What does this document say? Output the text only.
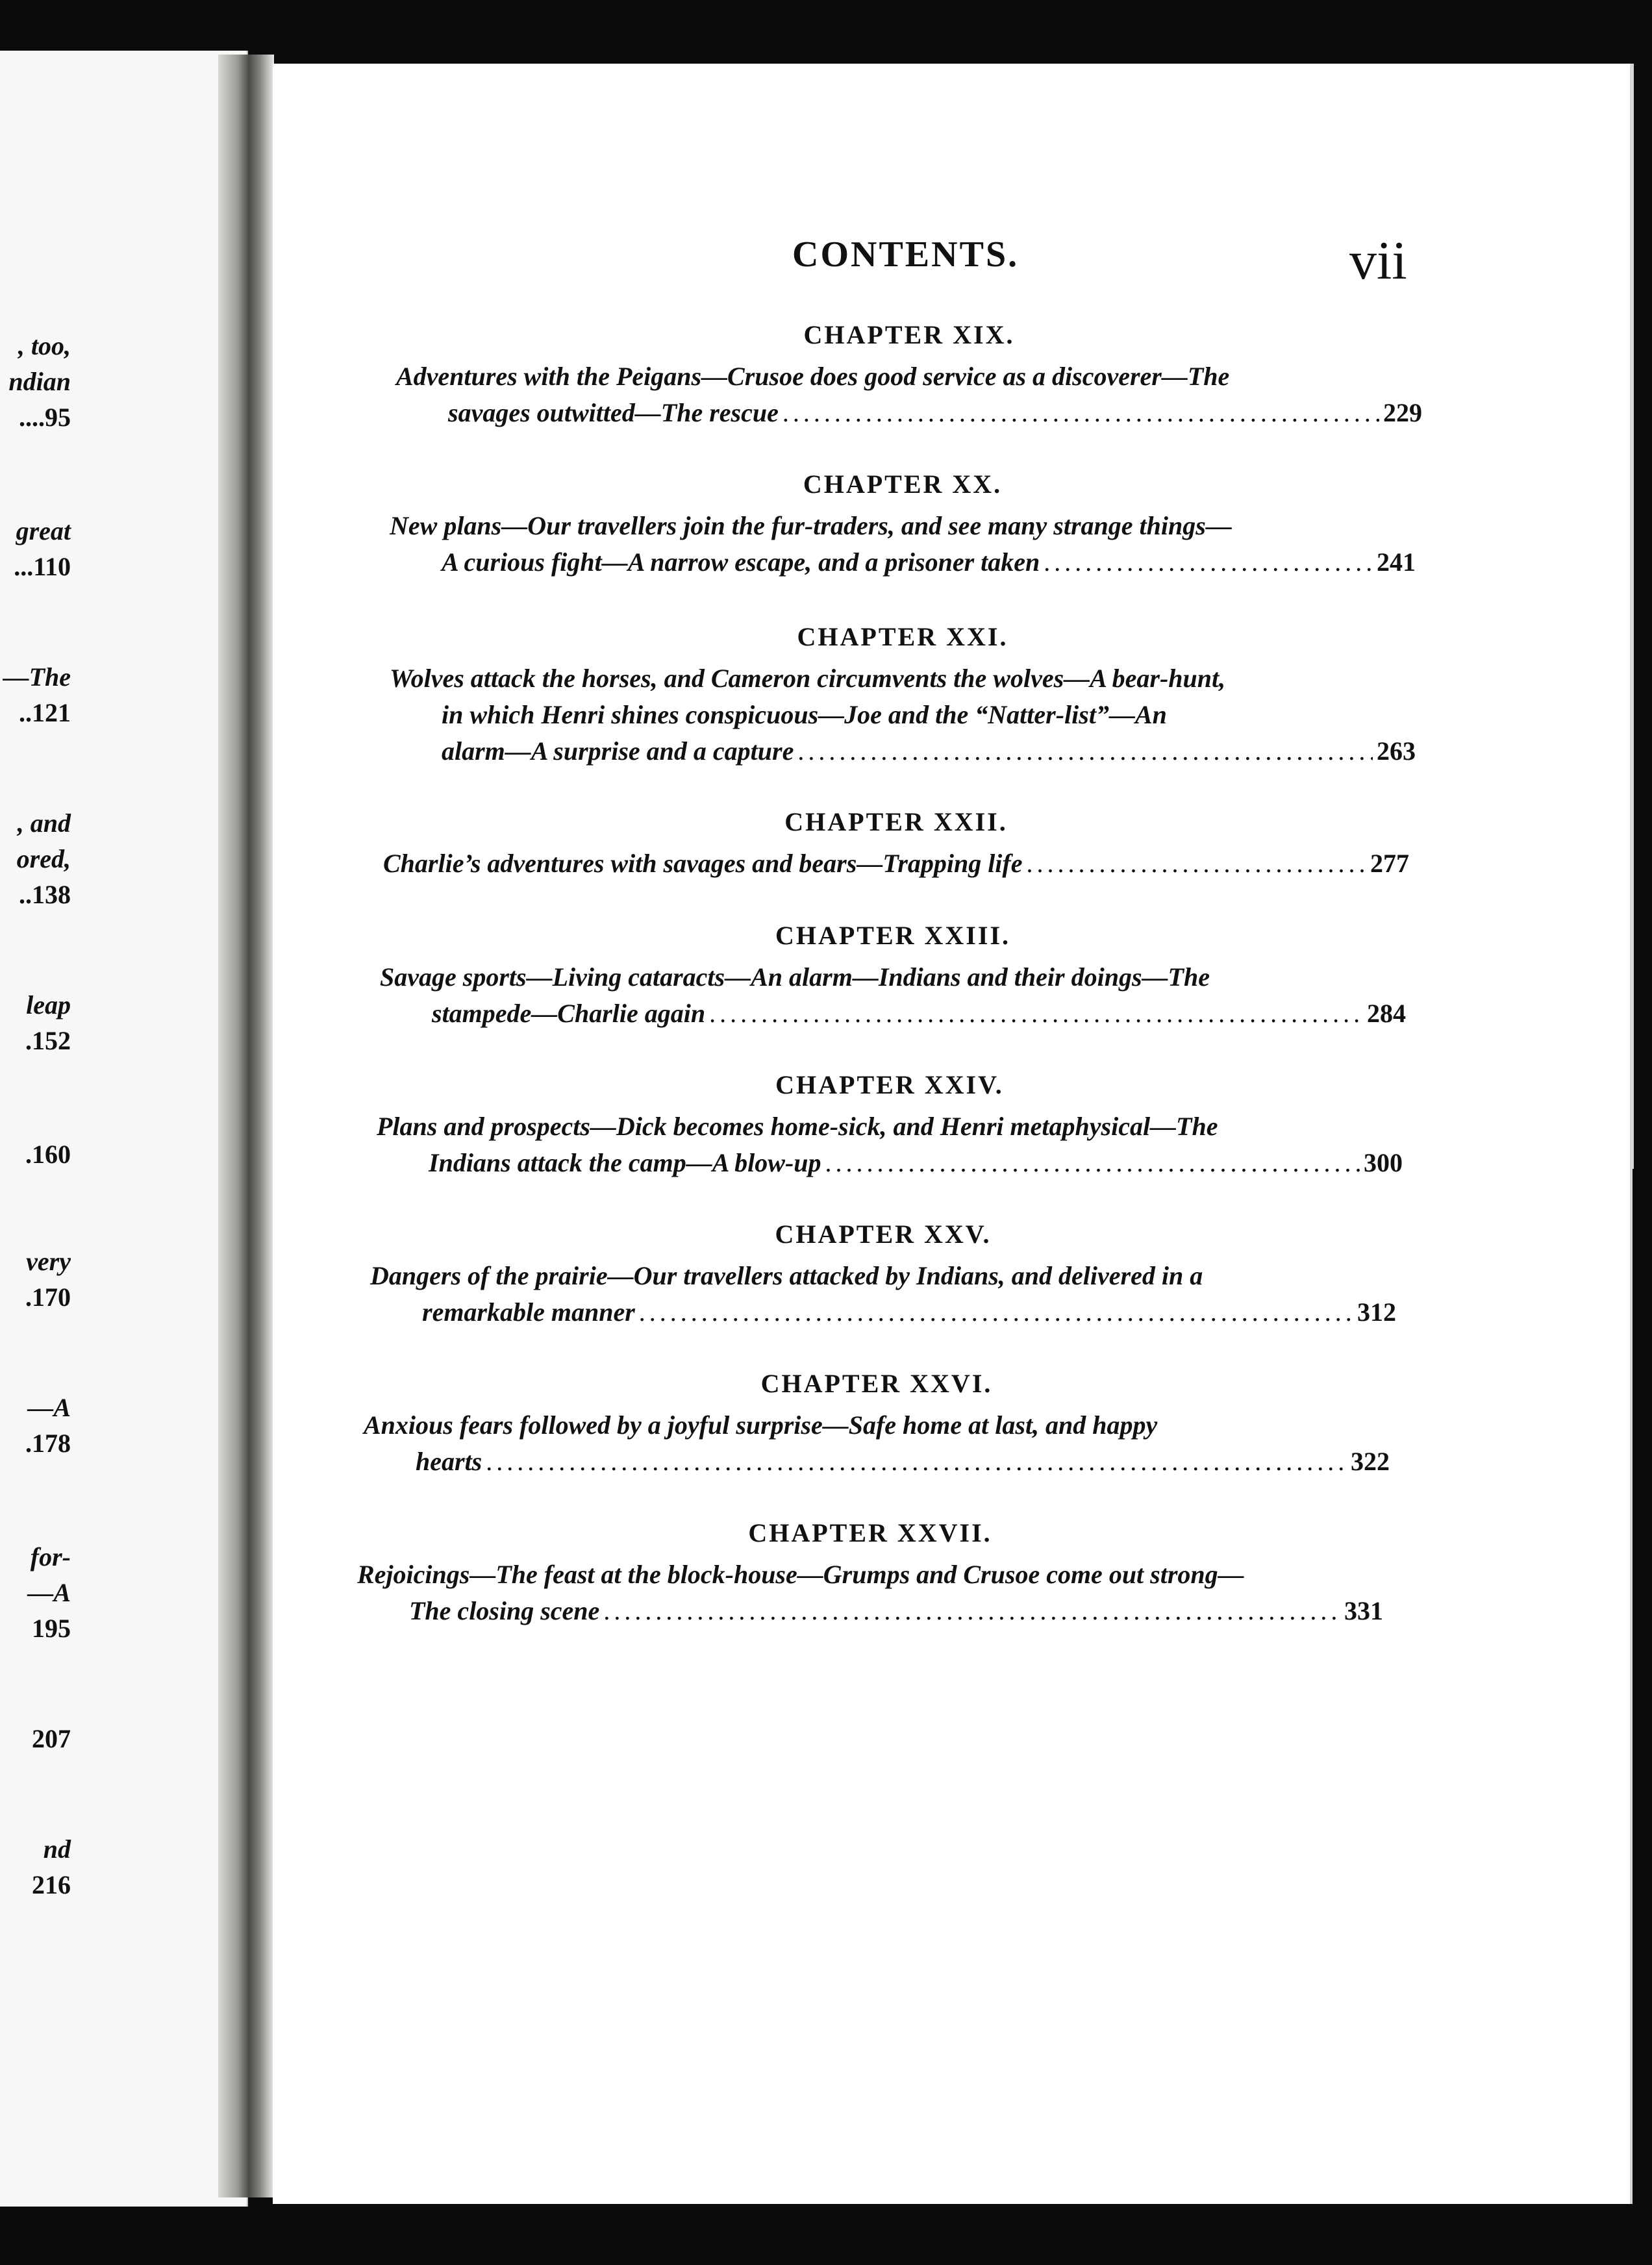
, too,
ndian
....95
great
...110
—The
..121
, and
ored,
..138
leap
.152
.160
very
.170
—A
.178
for-
—A
195
207
nd
216
CONTENTS.	vii
CHAPTER XIX.
Adventures with the Peigans—Crusoe does good service as a discoverer—The
savages outwitted—The rescue .....	229
CHAPTER XX.
New plans—Our travellers join the fur-traders, and see many strange things—
A curious fight—A narrow escape, and a prisoner taken .....	241
CHAPTER XXI.
Wolves attack the horses, and Cameron circumvents the wolves—A bear-hunt,
in which Henri shines conspicuous—Joe and the “Natter-list”—An
alarm—A surprise and a capture .....	263
CHAPTER XXII.
Charlie’s adventures with savages and bears—Trapping life .....	277
CHAPTER XXIII.
Savage sports—Living cataracts—An alarm—Indians and their doings—The
stampede—Charlie again .....	284
CHAPTER XXIV.
Plans and prospects—Dick becomes home-sick, and Henri metaphysical—The
Indians attack the camp—A blow-up .....	300
CHAPTER XXV.
Dangers of the prairie—Our travellers attacked by Indians, and delivered in a
remarkable manner .....	312
CHAPTER XXVI.
Anxious fears followed by a joyful surprise—Safe home at last, and happy
hearts .....	322
CHAPTER XXVII.
Rejoicings—The feast at the block-house—Grumps and Crusoe come out strong—
The closing scene .....	331
